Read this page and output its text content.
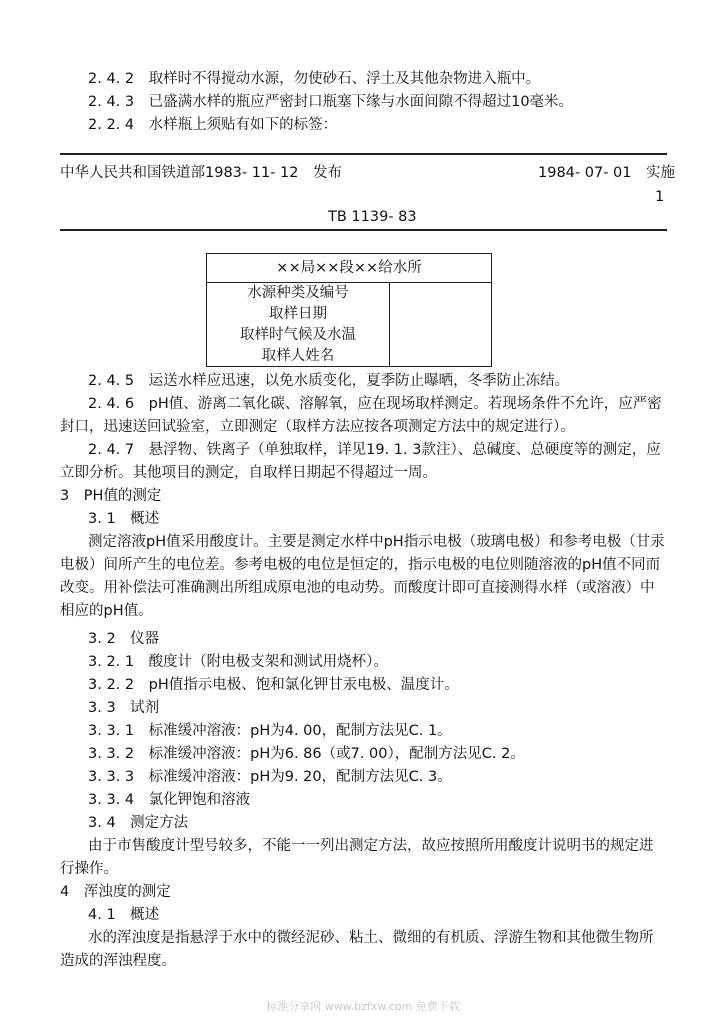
2. 4. 2　取样时不得搅动水源，勿使砂石、浮土及其他杂物进入瓶中。
2. 4. 3　已盛满水样的瓶应严密封口瓶塞下缘与水面间隙不得超过10毫米。
2. 2. 4　水样瓶上须贴有如下的标签：
中华人民共和国铁道部1983- 11- 12　发布	1984- 07- 01　实施
1
TB 1139- 83
××局××段××给水所
水源种类及编号
取样日期
取样时气候及水温
取样人姓名
2. 4. 5　运送水样应迅速，以免水质变化，夏季防止曝晒，冬季防止冻结。
2. 4. 6　pH值、游离二氧化碳、溶解氧，应在现场取样测定。若现场条件不允许，应严密
封口，迅速送回试验室，立即测定（取样方法应按各项测定方法中的规定进行）。
2. 4. 7　悬浮物、铁离子（单独取样，详见19. 1. 3款注）、总碱度、总硬度等的测定，应
立即分析。其他项目的测定，自取样日期起不得超过一周。
3　PH值的测定
3. 1　概述
测定溶液pH值采用酸度计。主要是测定水样中pH指示电极（玻璃电极）和参考电极（甘汞
电极）间所产生的电位差。参考电极的电位是恒定的，指示电极的电位则随溶液的pH值不同而
改变。用补偿法可准确测出所组成原电池的电动势。而酸度计即可直接测得水样（或溶液）中
相应的pH值。
3. 2　仪器
3. 2. 1　酸度计（附电极支架和测试用烧杯）。
3. 2. 2　pH值指示电极、饱和氯化钾甘汞电极、温度计。
3. 3　试剂
3. 3. 1　标准缓冲溶液：pH为4. 00，配制方法见C. 1。
3. 3. 2　标准缓冲溶液：pH为6. 86（或7. 00），配制方法见C. 2。
3. 3. 3　标准缓冲溶液：pH为9. 20，配制方法见C. 3。
3. 3. 4　氯化钾饱和溶液
3. 4　测定方法
由于市售酸度计型号较多，不能一一列出测定方法，故应按照所用酸度计说明书的规定进
行操作。
4　浑浊度的测定
4. 1　概述
水的浑浊度是指悬浮于水中的微经泥砂、粘土、微细的有机质、浮游生物和其他微生物所
造成的浑浊程度。
标准分享网 www.bzfxw.com 免费下载
